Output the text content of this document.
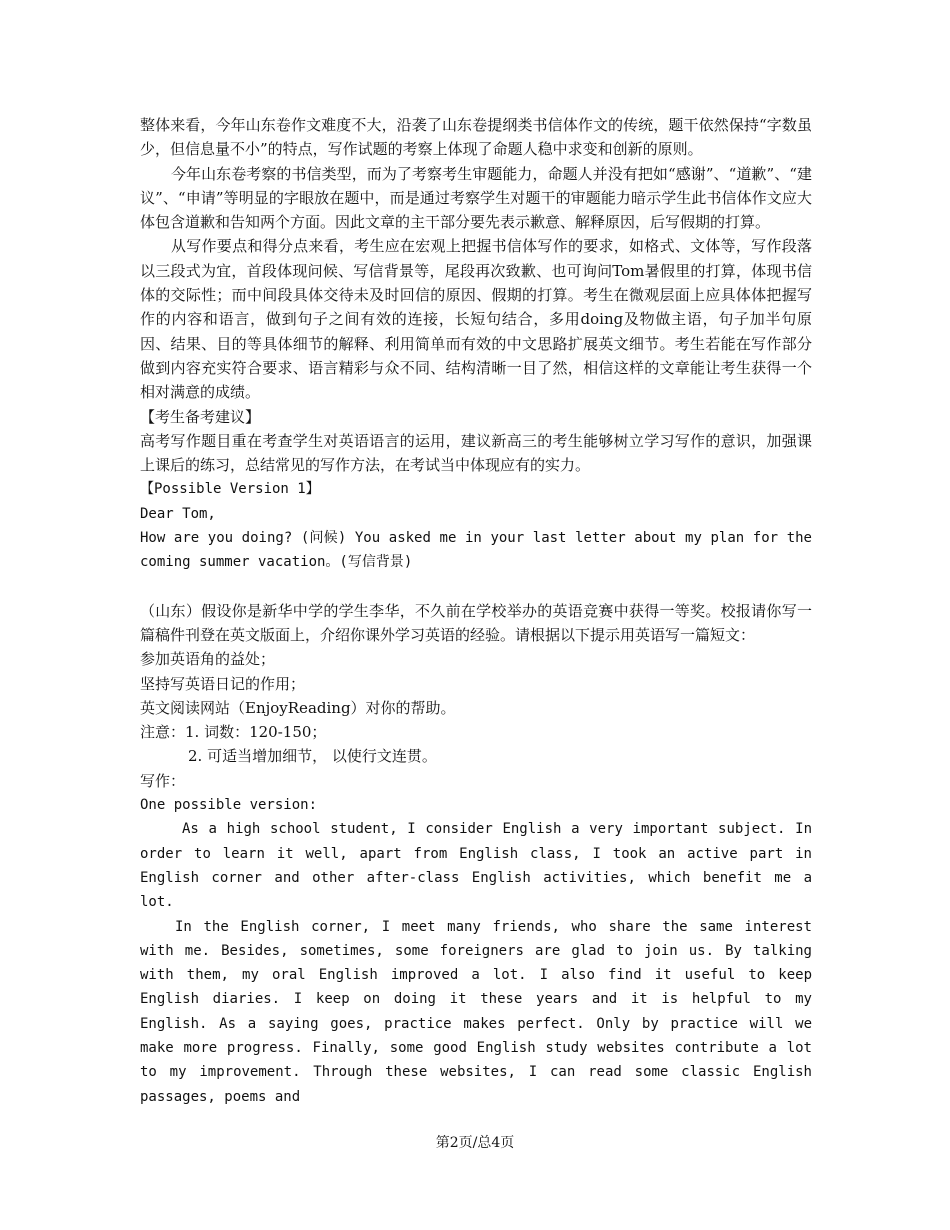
整体来看，今年山东卷作文难度不大，沿袭了山东卷提纲类书信体作文的传统，题干依然保持“字数虽少，但信息量不小”的特点，写作试题的考察上体现了命题人稳中求变和创新的原则。

今年山东卷考察的书信类型，而为了考察考生审题能力，命题人并没有把如“感谢”、“道歉”、“建议”、“申请”等明显的字眼放在题中，而是通过考察学生对题干的审题能力暗示学生此书信体作文应大体包含道歉和告知两个方面。因此文章的主干部分要先表示歉意、解释原因，后写假期的打算。

从写作要点和得分点来看，考生应在宏观上把握书信体写作的要求，如格式、文体等，写作段落以三段式为宜，首段体现问候、写信背景等，尾段再次致歉、也可询问Tom暑假里的打算，体现书信体的交际性；而中间段具体交待未及时回信的原因、假期的打算。考生在微观层面上应具体体把握写作的内容和语言，做到句子之间有效的连接，长短句结合，多用doing及物做主语，句子加半句原因、结果、目的等具体细节的解释、利用简单而有效的中文思路扩展英文细节。考生若能在写作部分做到内容充实符合要求、语言精彩与众不同、结构清晰一目了然，相信这样的文章能让考生获得一个相对满意的成绩。

【考生备考建议】

高考写作题目重在考查学生对英语语言的运用，建议新高三的考生能够树立学习写作的意识，加强课上课后的练习，总结常见的写作方法，在考试当中体现应有的实力。

【Possible Version 1】

Dear Tom,

How are you doing? (问候) You asked me in your last letter about my plan for the coming summer vacation。(写信背景)

（山东）假设你是新华中学的学生李华，不久前在学校举办的英语竞赛中获得一等奖。校报请你写一篇稿件刊登在英文版面上，介绍你课外学习英语的经验。请根据以下提示用英语写一篇短文：

参加英语角的益处；

坚持写英语日记的作用；

英文阅读网站（EnjoyReading）对你的帮助。

注意：1. 词数：120-150；

2. 可适当增加细节， 以使行文连贯。

写作：

One possible version:

As a high school student, I consider English a very important subject. In order to learn it well, apart from English class, I took an active part in English corner and other after-class English activities, which benefit me a lot.

In the English corner, I meet many friends, who share the same interest with me. Besides, sometimes, some foreigners are glad to join us. By talking with them, my oral English improved a lot. I also find it useful to keep English diaries. I keep on doing it these years and it is helpful to my English. As a saying goes, practice makes perfect. Only by practice will we make more progress. Finally, some good English study websites contribute a lot to my improvement. Through these websites, I can read some classic English passages, poems and

第2页/总4页
